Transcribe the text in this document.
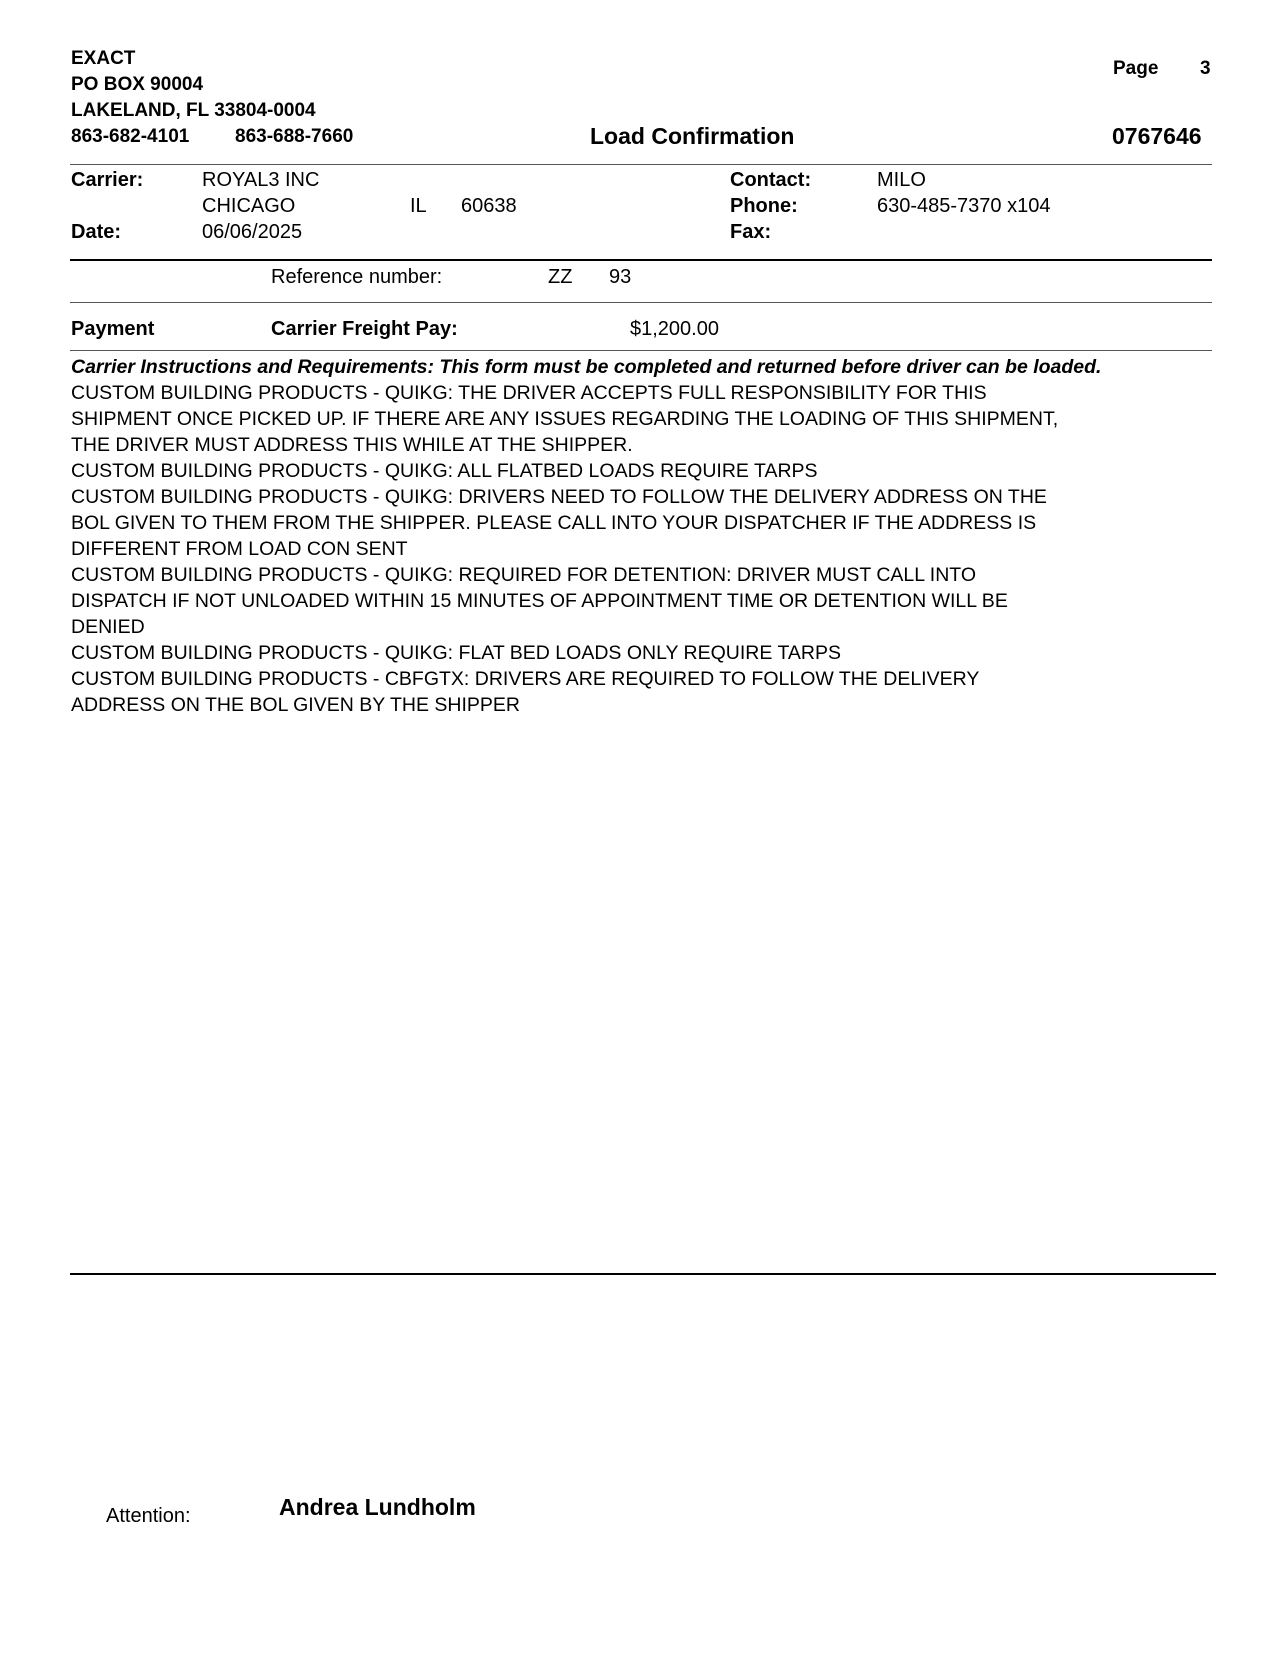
EXACT
PO BOX 90004
LAKELAND, FL 33804-0004
863-682-4101 863-688-7660
Page 3
Load Confirmation	0767646
Carrier:	ROYAL3 INC
CHICAGO	IL 60638
Date:	06/06/2025
Contact:	MILO
Phone:	630-485-7370 x104
Fax:
Reference number:	ZZ 93
Payment	Carrier Freight Pay:	$1,200.00
Carrier Instructions and Requirements: This form must be completed and returned before driver can be loaded.
CUSTOM BUILDING PRODUCTS - QUIKG: THE DRIVER ACCEPTS FULL RESPONSIBILITY FOR THIS
SHIPMENT ONCE PICKED UP. IF THERE ARE ANY ISSUES REGARDING THE LOADING OF THIS SHIPMENT,
THE DRIVER MUST ADDRESS THIS WHILE AT THE SHIPPER.
CUSTOM BUILDING PRODUCTS - QUIKG: ALL FLATBED LOADS REQUIRE TARPS
CUSTOM BUILDING PRODUCTS - QUIKG: DRIVERS NEED TO FOLLOW THE DELIVERY ADDRESS ON THE
BOL GIVEN TO THEM FROM THE SHIPPER. PLEASE CALL INTO YOUR DISPATCHER IF THE ADDRESS IS
DIFFERENT FROM LOAD CON SENT
CUSTOM BUILDING PRODUCTS - QUIKG: REQUIRED FOR DETENTION: DRIVER MUST CALL INTO
DISPATCH IF NOT UNLOADED WITHIN 15 MINUTES OF APPOINTMENT TIME OR DETENTION WILL BE
DENIED
CUSTOM BUILDING PRODUCTS - QUIKG: FLAT BED LOADS ONLY REQUIRE TARPS
CUSTOM BUILDING PRODUCTS - CBFGTX: DRIVERS ARE REQUIRED TO FOLLOW THE DELIVERY
ADDRESS ON THE BOL GIVEN BY THE SHIPPER
Attention:	Andrea Lundholm
